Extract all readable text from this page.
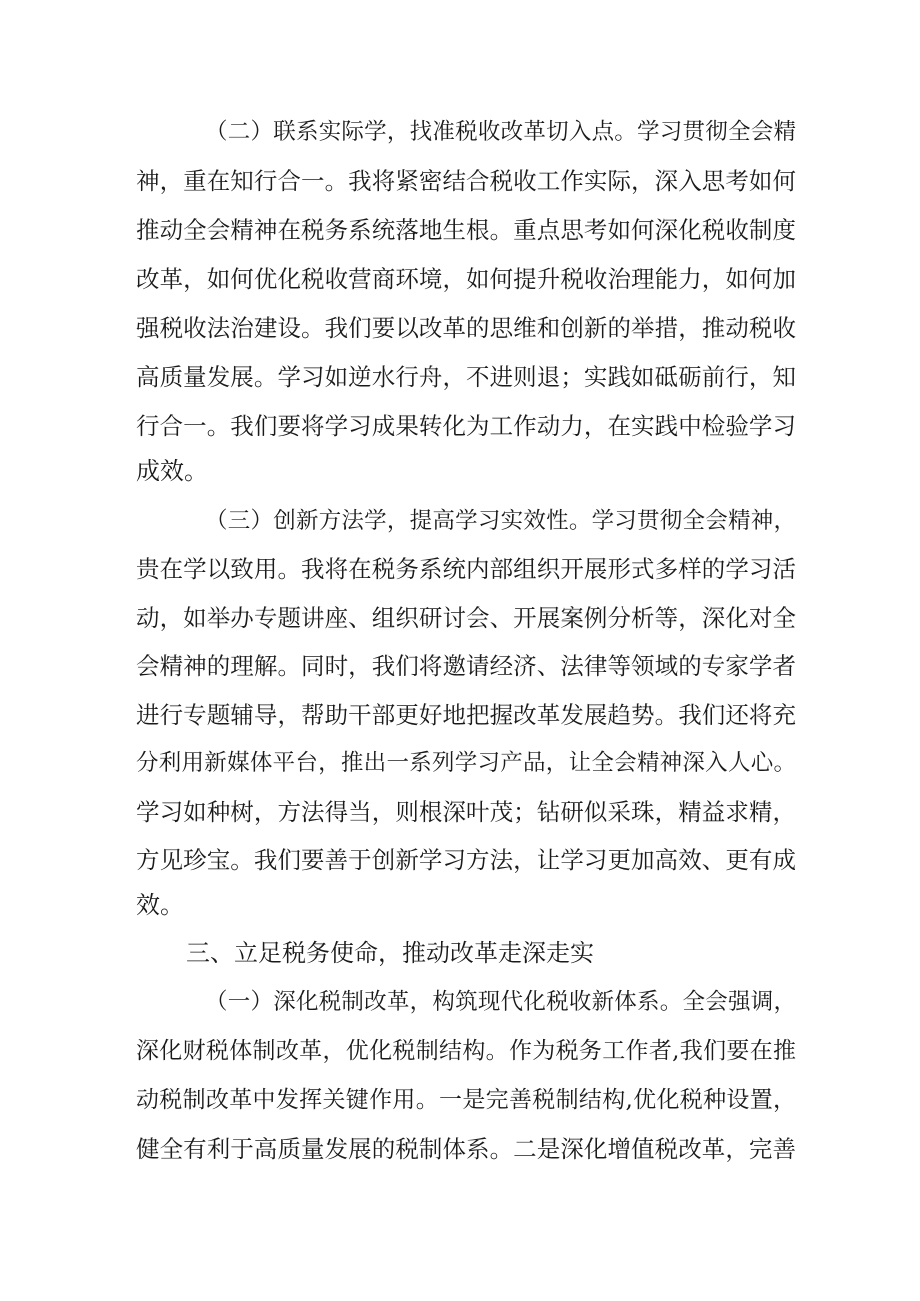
（二）联系实际学，找准税收改革切入点。学习贯彻全会精
神，重在知行合一。我将紧密结合税收工作实际，深入思考如何
推动全会精神在税务系统落地生根。重点思考如何深化税收制度
改革，如何优化税收营商环境，如何提升税收治理能力，如何加
强税收法治建设。我们要以改革的思维和创新的举措，推动税收
高质量发展。学习如逆水行舟，不进则退；实践如砥砺前行，知
行合一。我们要将学习成果转化为工作动力，在实践中检验学习
成效。
（三）创新方法学，提高学习实效性。学习贯彻全会精神，
贵在学以致用。我将在税务系统内部组织开展形式多样的学习活
动，如举办专题讲座、组织研讨会、开展案例分析等，深化对全
会精神的理解。同时，我们将邀请经济、法律等领域的专家学者
进行专题辅导，帮助干部更好地把握改革发展趋势。我们还将充
分利用新媒体平台，推出一系列学习产品，让全会精神深入人心。
学习如种树，方法得当，则根深叶茂；钻研似采珠，精益求精，
方见珍宝。我们要善于创新学习方法，让学习更加高效、更有成
效。
三、立足税务使命，推动改革走深走实
（一）深化税制改革，构筑现代化税收新体系。全会强调，
深化财税体制改革，优化税制结构。作为税务工作者,我们要在推
动税制改革中发挥关键作用。一是完善税制结构,优化税种设置，
健全有利于高质量发展的税制体系。二是深化增值税改革，完善
